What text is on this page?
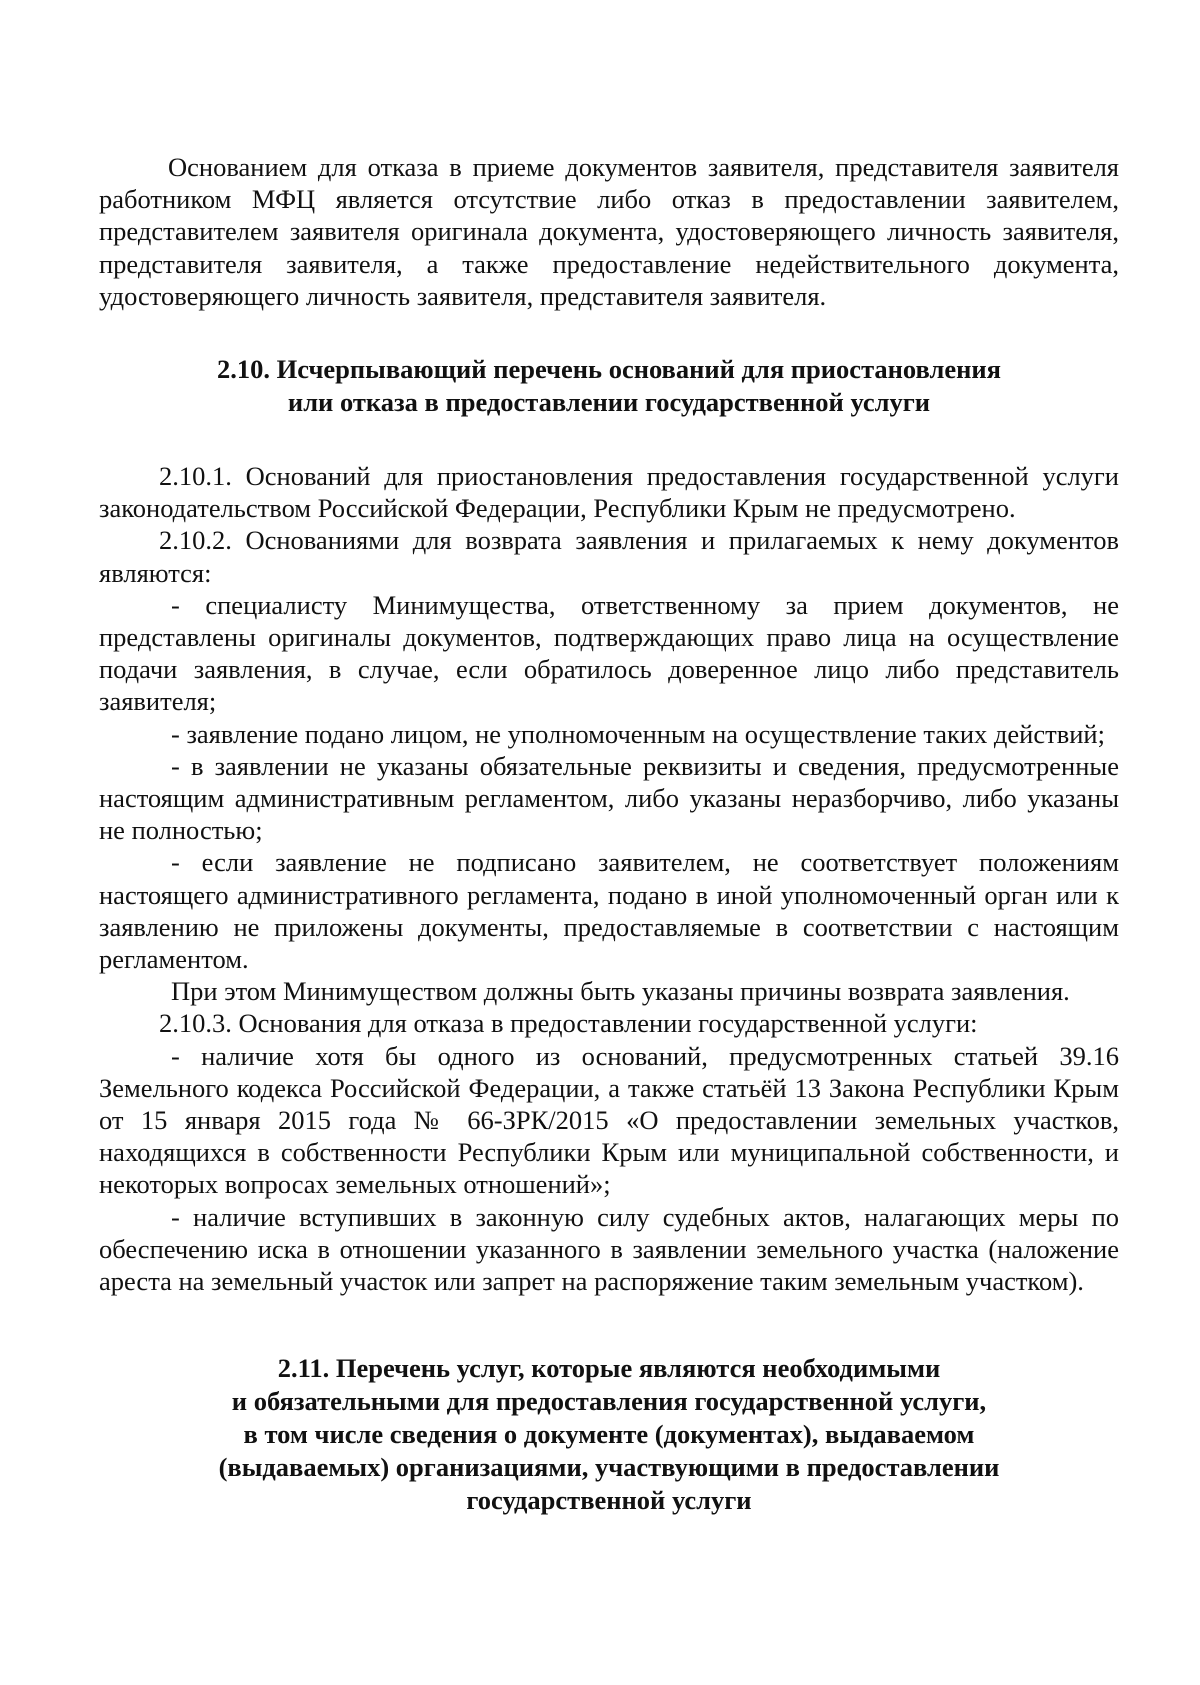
Основанием для отказа в приеме документов заявителя, представителя заявителя работником МФЦ является отсутствие либо отказ в предоставлении заявителем, представителем заявителя оригинала документа, удостоверяющего личность заявителя, представителя заявителя, а также предоставление недействительного документа, удостоверяющего личность заявителя, представителя заявителя.

2.10. Исчерпывающий перечень оснований для приостановления
или отказа в предоставлении государственной услуги

2.10.1. Оснований для приостановления предоставления государственной услуги законодательством Российской Федерации, Республики Крым не предусмотрено.

2.10.2. Основаниями для возврата заявления и прилагаемых к нему документов являются:

- специалисту Минимущества, ответственному за прием документов, не представлены оригиналы документов, подтверждающих право лица на осуществление подачи заявления, в случае, если обратилось доверенное лицо либо представитель заявителя;

- заявление подано лицом, не уполномоченным на осуществление таких действий;

- в заявлении не указаны обязательные реквизиты и сведения, предусмотренные настоящим административным регламентом, либо указаны неразборчиво, либо указаны не полностью;

- если заявление не подписано заявителем, не соответствует положениям настоящего административного регламента, подано в иной уполномоченный орган или к заявлению не приложены документы, предоставляемые в соответствии с настоящим регламентом.

При этом Минимуществом должны быть указаны причины возврата заявления.

2.10.3. Основания для отказа в предоставлении государственной услуги:

- наличие хотя бы одного из оснований, предусмотренных статьей 39.16 Земельного кодекса Российской Федерации, а также статьёй 13 Закона Республики Крым от 15 января 2015 года № 66-ЗРК/2015 «О предоставлении земельных участков, находящихся в собственности Республики Крым или муниципальной собственности, и некоторых вопросах земельных отношений»;

- наличие вступивших в законную силу судебных актов, налагающих меры по обеспечению иска в отношении указанного в заявлении земельного участка (наложение ареста на земельный участок или запрет на распоряжение таким земельным участком).

2.11. Перечень услуг, которые являются необходимыми
и обязательными для предоставления государственной услуги,
в том числе сведения о документе (документах), выдаваемом
(выдаваемых) организациями, участвующими в предоставлении
государственной услуги
